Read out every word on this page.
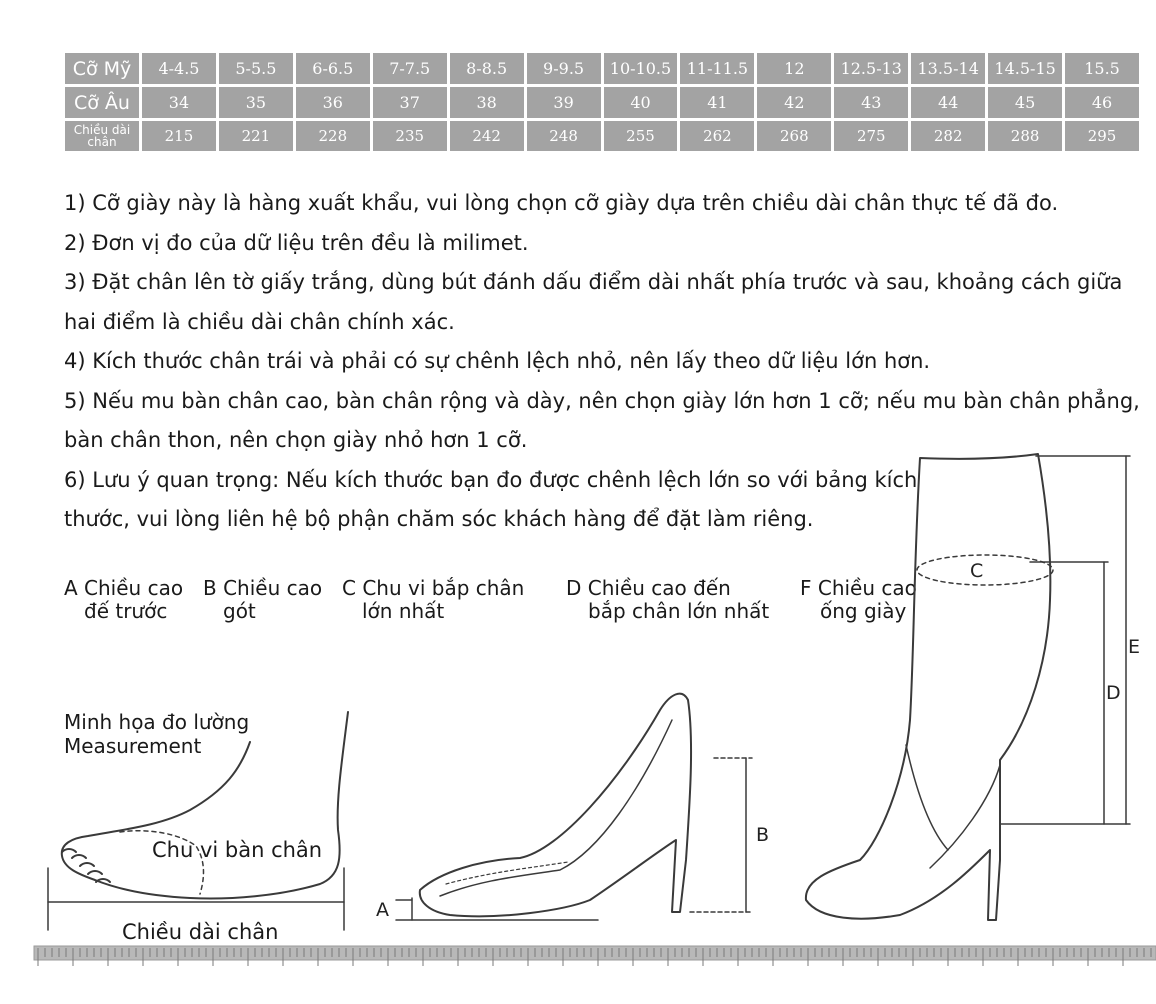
Cỡ Mỹ	4-4.5	5-5.5	6-6.5	7-7.5	8-8.5	9-9.5	10-10.5	11-11.5	12	12.5-13	13.5-14	14.5-15	15.5
Cỡ Âu	34	35	36	37	38	39	40	41	42	43	44	45	46
Chiều dài chân	215	221	228	235	242	248	255	262	268	275	282	288	295
1) Cỡ giày này là hàng xuất khẩu, vui lòng chọn cỡ giày dựa trên chiều dài chân thực tế đã đo.
2) Đơn vị đo của dữ liệu trên đều là milimet.
3) Đặt chân lên tờ giấy trắng, dùng bút đánh dấu điểm dài nhất phía trước và sau, khoảng cách giữa hai điểm là chiều dài chân chính xác.
4) Kích thước chân trái và phải có sự chênh lệch nhỏ, nên lấy theo dữ liệu lớn hơn.
5) Nếu mu bàn chân cao, bàn chân rộng và dày, nên chọn giày lớn hơn 1 cỡ; nếu mu bàn chân phẳng, bàn chân thon, nên chọn giày nhỏ hơn 1 cỡ.
6) Lưu ý quan trọng: Nếu kích thước bạn đo được chênh lệch lớn so với bảng kích thước, vui lòng liên hệ bộ phận chăm sóc khách hàng để đặt làm riêng.
A Chiều cao
đế trước
B Chiều cao
gót
C Chu vi bắp chân
lớn nhất
D Chiều cao đến
bắp chân lớn nhất
F Chiều cao
ống giày
Minh họa đo lường
Measurement
Chu vi bàn chân
Chiều dài chân
A
B
C
D
E
